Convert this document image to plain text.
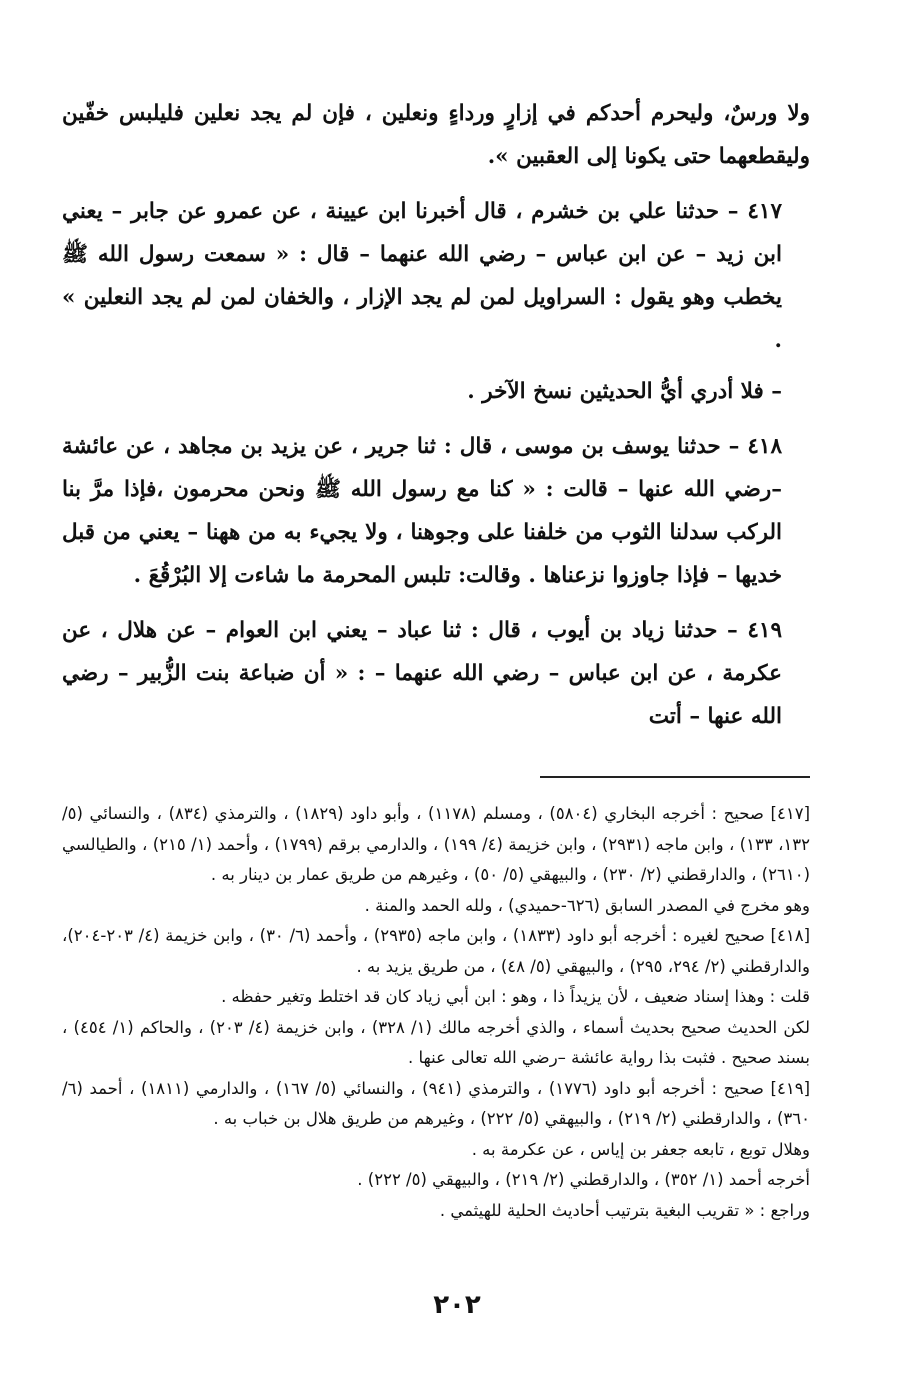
ولا ورسٌ، وليحرم أحدكم في إزارٍ ورداءٍ ونعلين ، فإن لم يجد نعلين فليلبس خفّين وليقطعهما حتى يكونا إلى العقبين ».

٤١٧ – حدثنا علي بن خشرم ، قال أخبرنا ابن عيينة ، عن عمرو عن جابر – يعني ابن زيد – عن ابن عباس – رضي الله عنهما – قال : « سمعت رسول الله ﷺ يخطب وهو يقول : السراويل لمن لم يجد الإزار ، والخفان لمن لم يجد النعلين » .

– فلا أدري أيُّ الحديثين نسخ الآخر .

٤١٨ – حدثنا يوسف بن موسى ، قال : ثنا جرير ، عن يزيد بن مجاهد ، عن عائشة –رضي الله عنها – قالت : « كنا مع رسول الله ﷺ ونحن محرمون ،فإذا مرَّ بنا الركب سدلنا الثوب من خلفنا على وجوهنا ، ولا يجيء به من ههنا – يعني من قبل خديها – فإذا جاوزوا نزعناها . وقالت: تلبس المحرمة ما شاءت إلا البُرْقُعَ .

٤١٩ – حدثنا زياد بن أيوب ، قال : ثنا عباد – يعني ابن العوام – عن هلال ، عن عكرمة ، عن ابن عباس – رضي الله عنهما – : « أن ضباعة بنت الزُّبير – رضي الله عنها – أتت

[٤١٧] صحيح : أخرجه البخاري (٥٨٠٤) ، ومسلم (١١٧٨) ، وأبو داود (١٨٢٩) ، والترمذي (٨٣٤) ، والنسائي (٥/ ١٣٢، ١٣٣) ، وابن ماجه (٢٩٣١) ، وابن خزيمة (٤/ ١٩٩) ، والدارمي برقم (١٧٩٩) ، وأحمد (١/ ٢١٥) ، والطيالسي (٢٦١٠) ، والدارقطني (٢/ ٢٣٠) ، والبيهقي (٥/ ٥٠) ، وغيرهم من طريق عمار بن دينار به .

وهو مخرج في المصدر السابق (٦٢٦-حميدي) ، ولله الحمد والمنة .

[٤١٨] صحيح لغيره : أخرجه أبو داود (١٨٣٣) ، وابن ماجه (٢٩٣٥) ، وأحمد (٦/ ٣٠) ، وابن خزيمة (٤/ ٢٠٣-٢٠٤)، والدارقطني (٢/ ٢٩٤، ٢٩٥) ، والبيهقي (٥/ ٤٨) ، من طريق يزيد به .

قلت : وهذا إسناد ضعيف ، لأن يزيداً ذا ، وهو : ابن أبي زياد كان قد اختلط وتغير حفظه .

لكن الحديث صحيح بحديث أسماء ، والذي أخرجه مالك (١/ ٣٢٨) ، وابن خزيمة (٤/ ٢٠٣) ، والحاكم (١/ ٤٥٤) ، بسند صحيح . فثبت بذا رواية عائشة –رضي الله تعالى عنها .

[٤١٩] صحيح : أخرجه أبو داود (١٧٧٦) ، والترمذي (٩٤١) ، والنسائي (٥/ ١٦٧) ، والدارمي (١٨١١) ، أحمد (٦/ ٣٦٠) ، والدارقطني (٢/ ٢١٩) ، والبيهقي (٥/ ٢٢٢) ، وغيرهم من طريق هلال بن خباب به .

وهلال توبع ، تابعه جعفر بن إياس ، عن عكرمة به .

أخرجه أحمد (١/ ٣٥٢) ، والدارقطني (٢/ ٢١٩) ، والبيهقي (٥/ ٢٢٢) .

وراجع : « تقريب البغية بترتيب أحاديث الحلية للهيثمي .

٢٠٢
